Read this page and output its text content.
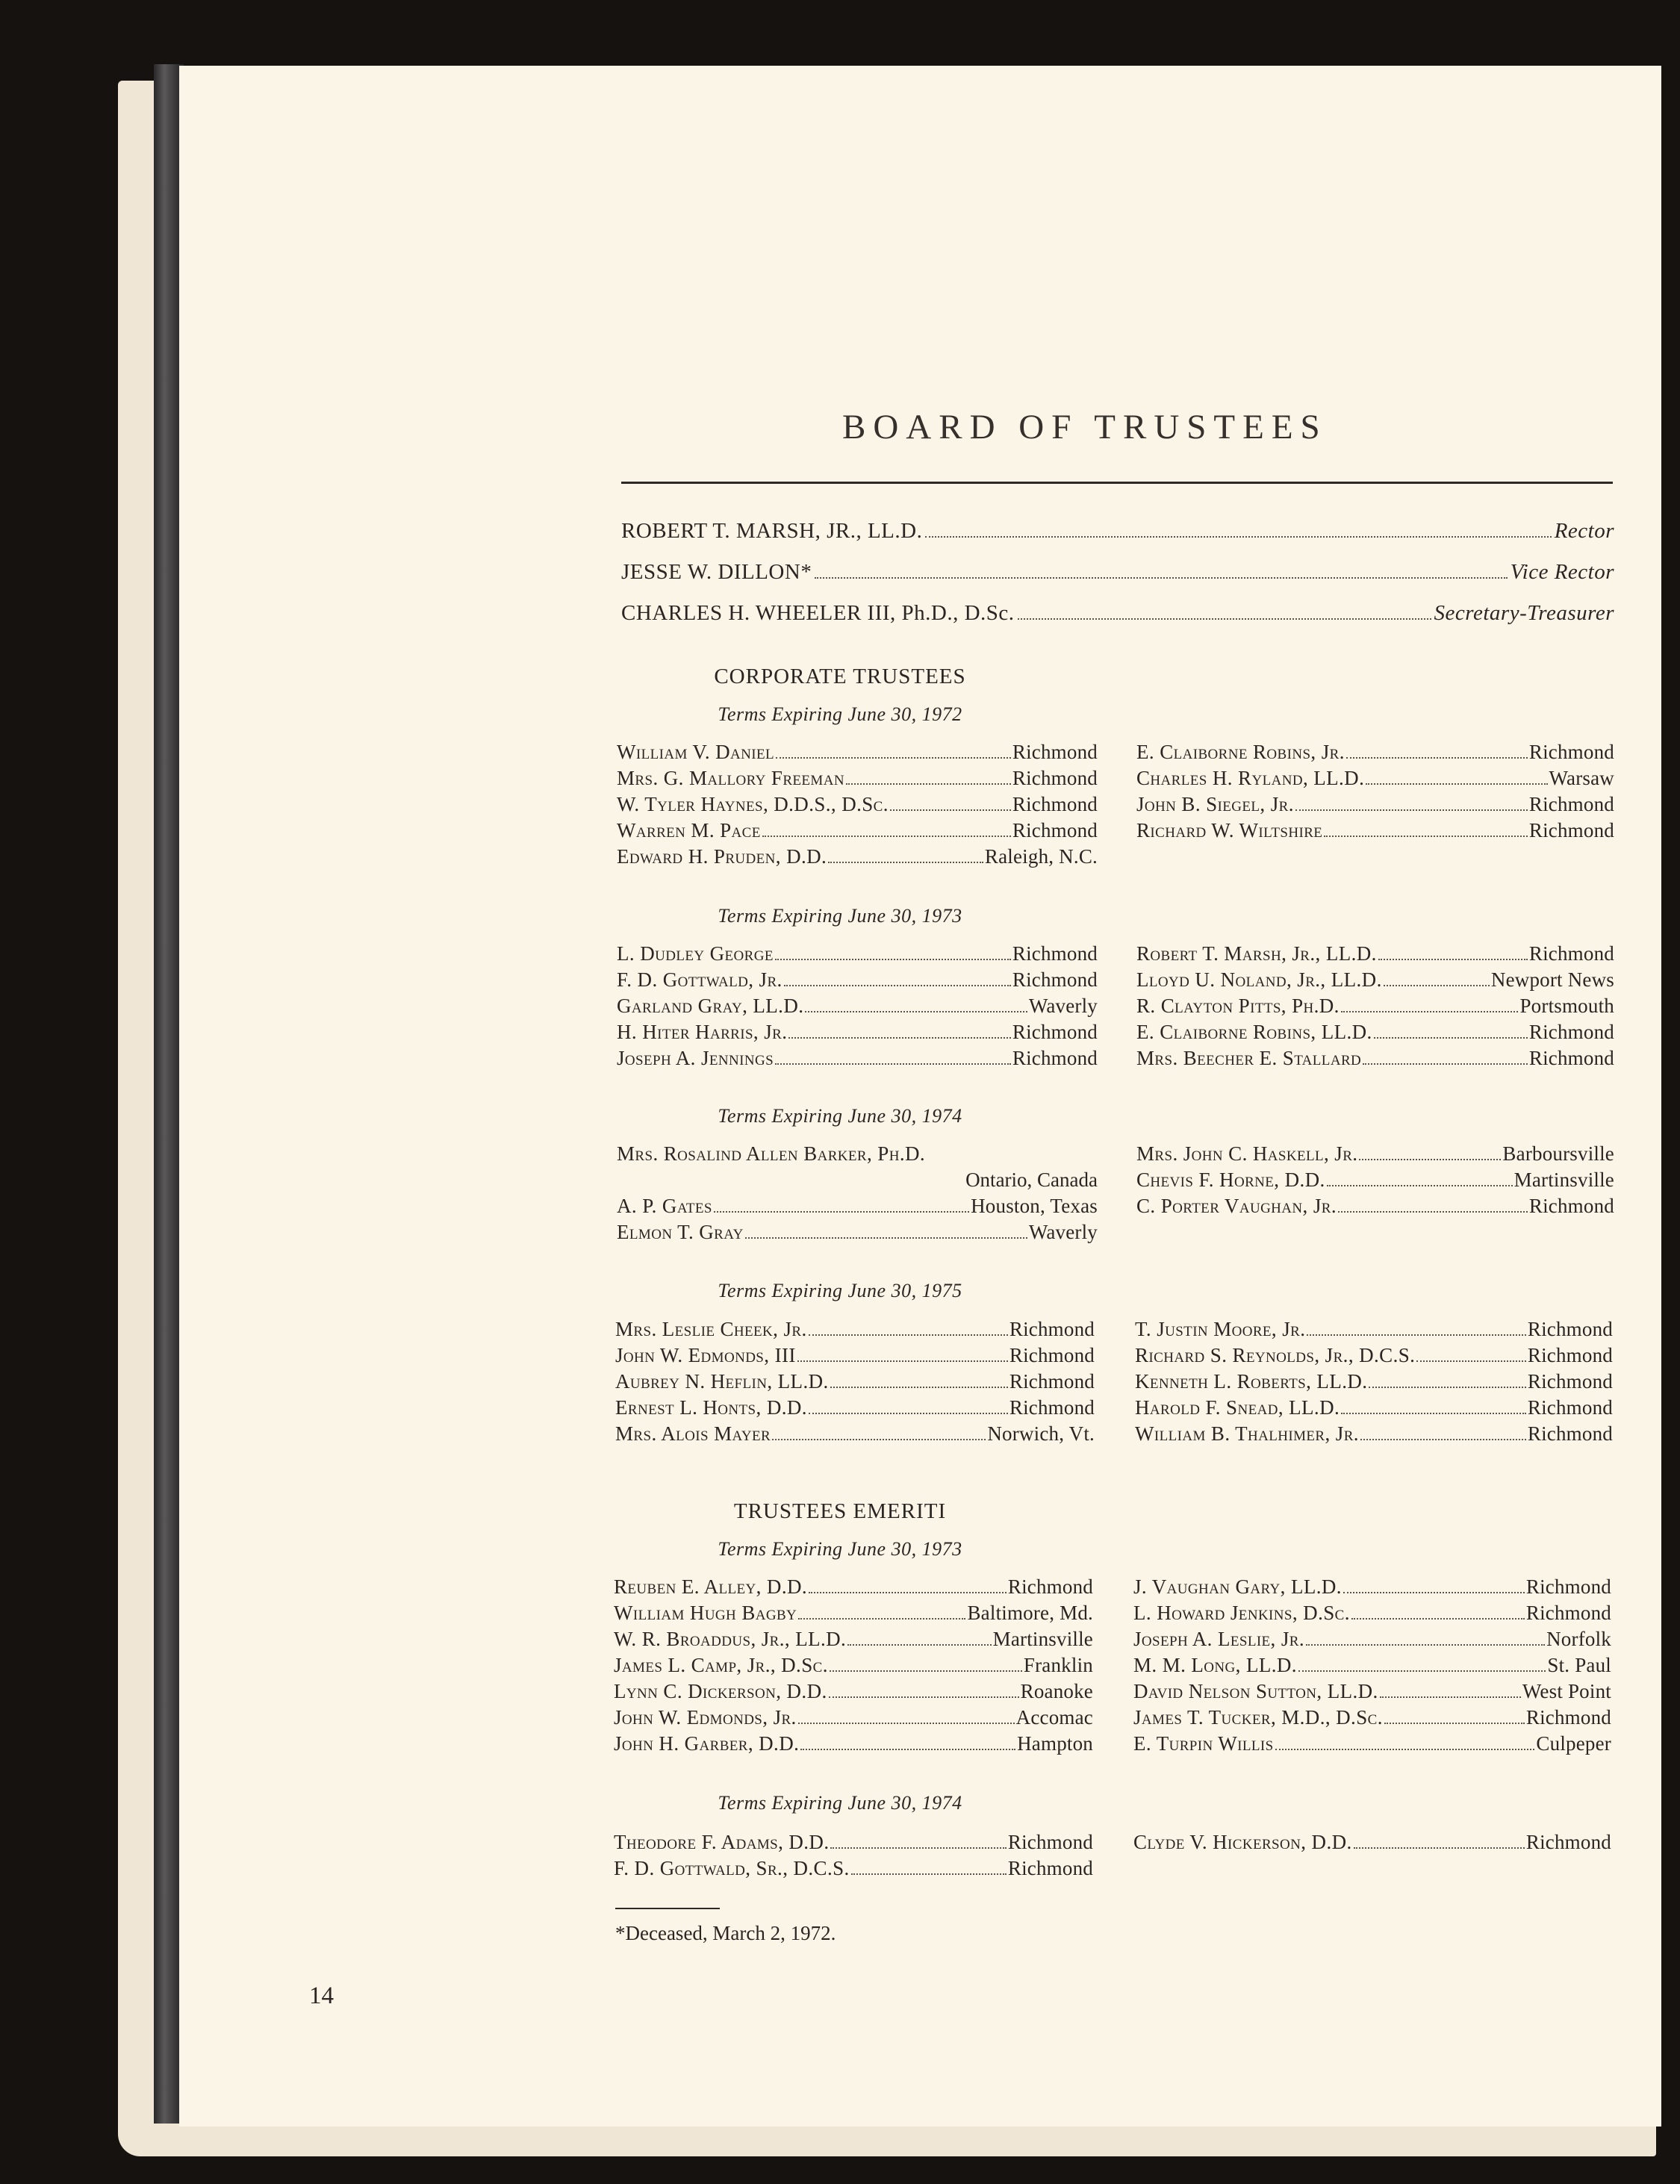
BOARD OF TRUSTEES
ROBERT T. MARSH, JR., LL.D.	Rector
JESSE W. DILLON*	Vice Rector
CHARLES H. WHEELER III, Ph.D., D.Sc.	Secretary-Treasurer
CORPORATE TRUSTEES
Terms Expiring June 30, 1972
William V. Daniel	Richmond
Mrs. G. Mallory Freeman	Richmond
W. Tyler Haynes, D.D.S., D.Sc.	Richmond
Warren M. Pace	Richmond
Edward H. Pruden, D.D.	Raleigh, N.C.
E. Claiborne Robins, Jr.	Richmond
Charles H. Ryland, LL.D.	Warsaw
John B. Siegel, Jr.	Richmond
Richard W. Wiltshire	Richmond
Terms Expiring June 30, 1973
L. Dudley George	Richmond
F. D. Gottwald, Jr.	Richmond
Garland Gray, LL.D.	Waverly
H. Hiter Harris, Jr.	Richmond
Joseph A. Jennings	Richmond
Robert T. Marsh, Jr., LL.D.	Richmond
Lloyd U. Noland, Jr., LL.D.	Newport News
R. Clayton Pitts, Ph.D.	Portsmouth
E. Claiborne Robins, LL.D.	Richmond
Mrs. Beecher E. Stallard	Richmond
Terms Expiring June 30, 1974
Mrs. Rosalind Allen Barker, Ph.D.
Ontario, Canada
A. P. Gates	Houston, Texas
Elmon T. Gray	Waverly
Mrs. John C. Haskell, Jr.	Barboursville
Chevis F. Horne, D.D.	Martinsville
C. Porter Vaughan, Jr.	Richmond
Terms Expiring June 30, 1975
Mrs. Leslie Cheek, Jr.	Richmond
John W. Edmonds, III	Richmond
Aubrey N. Heflin, LL.D.	Richmond
Ernest L. Honts, D.D.	Richmond
Mrs. Alois Mayer	Norwich, Vt.
T. Justin Moore, Jr.	Richmond
Richard S. Reynolds, Jr., D.C.S.	Richmond
Kenneth L. Roberts, LL.D.	Richmond
Harold F. Snead, LL.D.	Richmond
William B. Thalhimer, Jr.	Richmond
TRUSTEES EMERITI
Terms Expiring June 30, 1973
Reuben E. Alley, D.D.	Richmond
William Hugh Bagby	Baltimore, Md.
W. R. Broaddus, Jr., LL.D.	Martinsville
James L. Camp, Jr., D.Sc.	Franklin
Lynn C. Dickerson, D.D.	Roanoke
John W. Edmonds, Jr.	Accomac
John H. Garber, D.D.	Hampton
J. Vaughan Gary, LL.D.	Richmond
L. Howard Jenkins, D.Sc.	Richmond
Joseph A. Leslie, Jr.	Norfolk
M. M. Long, LL.D.	St. Paul
David Nelson Sutton, LL.D.	West Point
James T. Tucker, M.D., D.Sc.	Richmond
E. Turpin Willis	Culpeper
Terms Expiring June 30, 1974
Theodore F. Adams, D.D.	Richmond
F. D. Gottwald, Sr., D.C.S.	Richmond
Clyde V. Hickerson, D.D.	Richmond
*Deceased, March 2, 1972.
14
